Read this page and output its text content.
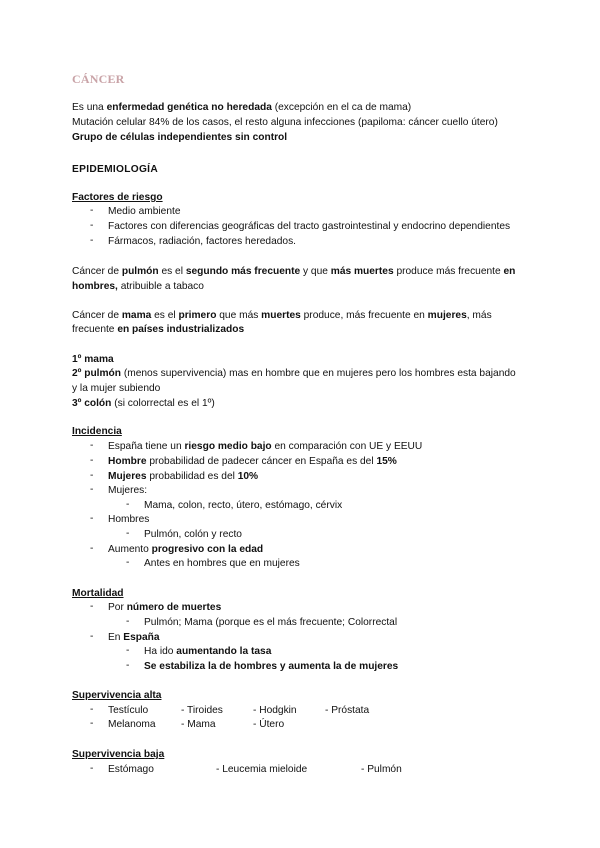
CÁNCER
Es una enfermedad genética no heredada (excepción en el ca de mama)
Mutación celular 84% de los casos, el resto alguna infecciones (papiloma: cáncer cuello útero)
Grupo de células independientes sin control
EPIDEMIOLOGÍA
Factores de riesgo
- Medio ambiente
- Factores con diferencias geográficas del tracto gastrointestinal y endocrino dependientes
- Fármacos, radiación, factores heredados.
Cáncer de pulmón es el segundo más frecuente y que más muertes produce más frecuente en
hombres, atribuible a tabaco
Cáncer de mama es el primero que más muertes produce, más frecuente en mujeres, más
frecuente en países industrializados
1º mama
2º pulmón (menos supervivencia) mas en hombre que en mujeres pero los hombres esta bajando
y la mujer subiendo
3º colón (si colorrectal es el 1º)
Incidencia
- España tiene un riesgo medio bajo en comparación con UE y EEUU
- Hombre probabilidad de padecer cáncer en España es del 15%
- Mujeres probabilidad es del 10%
- Mujeres:
- Mama, colon, recto, útero, estómago, cérvix
- Hombres
- Pulmón, colón y recto
- Aumento progresivo con la edad
- Antes en hombres que en mujeres
Mortalidad
- Por número de muertes
- Pulmón; Mama (porque es el más frecuente; Colorrectal
- En España
- Ha ido aumentando la tasa
- Se estabiliza la de hombres y aumenta la de mujeres
Supervivencia alta
- Testículo	- Tiroides	- Hodgkin	- Próstata
- Melanoma - Mama	- Útero
Supervivencia baja
- Estómago	- Leucemia mieloide	- Pulmón
